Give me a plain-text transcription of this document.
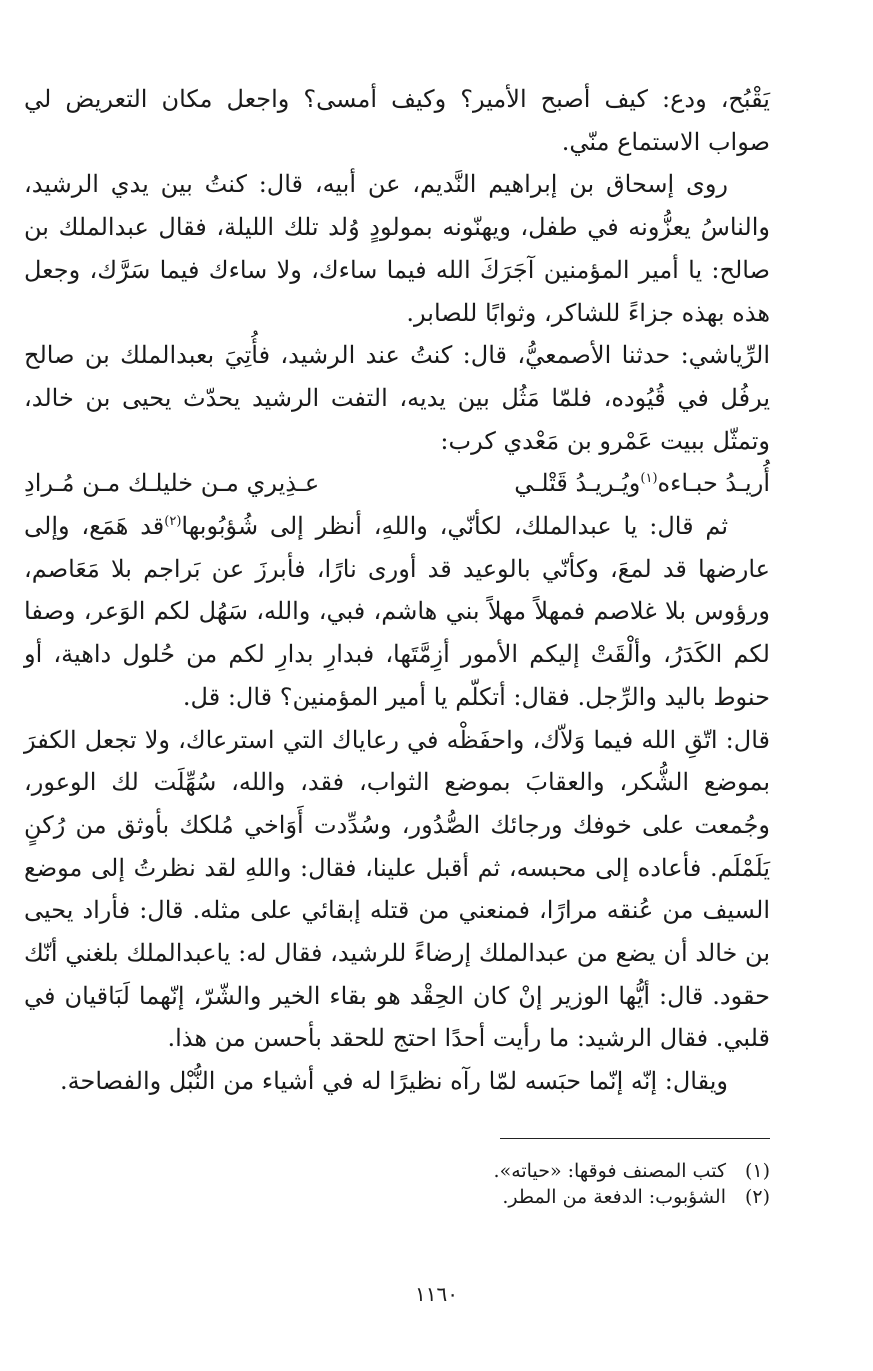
يَقْبُح، ودع: كيف أصبح الأمير؟ وكيف أمسى؟ واجعل مكان التعريض لي صواب الاستماع منّي.

روى إسحاق بن إبراهيم النَّديم، عن أبيه، قال: كنتُ بين يدي الرشيد، والناسُ يعزُّونه في طفل، ويهنّونه بمولودٍ وُلد تلك الليلة، فقال عبدالملك بن صالح: يا أمير المؤمنين آجَرَكَ الله فيما ساءك، ولا ساءك فيما سَرَّك، وجعل هذه بهذه جزاءً للشاكر، وثوابًا للصابر.

الرِّياشي: حدثنا الأصمعيُّ، قال: كنتُ عند الرشيد، فأُتِيَ بعبدالملك بن صالح يرفُل في قُيُوده، فلمّا مَثُل بين يديه، التفت الرشيد يحدّث يحيى بن خالد، وتمثّل ببيت عَمْرو بن مَعْدي كرب:

أُريـدُ حبـاءه$^{(١)}$ويُـريـدُ قَتْلـي
عـذِيري مـن خليلـك مـن مُـرادِ

ثم قال: يا عبدالملك، لكأنّي، واللهِ، أنظر إلى شُؤبُوبها$^{(٢)}$قد هَمَع، وإلى عارضها قد لمعَ، وكأنّي بالوعيد قد أورى نارًا، فأبرزَ عن بَراجم بلا مَعَاصم، ورؤوس بلا غلاصم فمهلاً مهلاً بني هاشم، فبي، والله، سَهُل لكم الوَعر، وصفا لكم الكَدَرُ، وألْقَتْ إليكم الأمور أزِمَّتَها، فبدارِ بدارِ لكم من حُلول داهية، أو حنوط باليد والرِّجل. فقال: أتكلّم يا أمير المؤمنين؟ قال: قل.

قال: اتّقِ الله فيما وَلاّك، واحفَظْه في رعاياك التي استرعاك، ولا تجعل الكفرَ بموضع الشُّكر، والعقابَ بموضع الثواب، فقد، والله، سُهِّلَت لك الوعور، وجُمعت على خوفك ورجائك الصُّدُور، وسُدِّدت أَوَاخي مُلكك بأوثق من رُكنٍ يَلَمْلَم. فأعاده إلى محبسه، ثم أقبل علينا، فقال: واللهِ لقد نظرتُ إلى موضع السيف من عُنقه مرارًا، فمنعني من قتله إبقائي على مثله. قال: فأراد يحيى بن خالد أن يضع من عبدالملك إرضاءً للرشيد، فقال له: ياعبدالملك بلغني أنّك حقود. قال: أيُّها الوزير إنْ كان الحِقْد هو بقاء الخير والشّرّ، إنّهما لَبَاقيان في قلبي. فقال الرشيد: ما رأيت أحدًا احتج للحقد بأحسن من هذا.

ويقال: إنّه إنّما حبَسه لمّا رآه نظيرًا له في أشياء من النُّبْل والفصاحة.

(١)
كتب المصنف فوقها: «حياته».
(٢)
الشؤبوب: الدفعة من المطر.
١١٦٠
